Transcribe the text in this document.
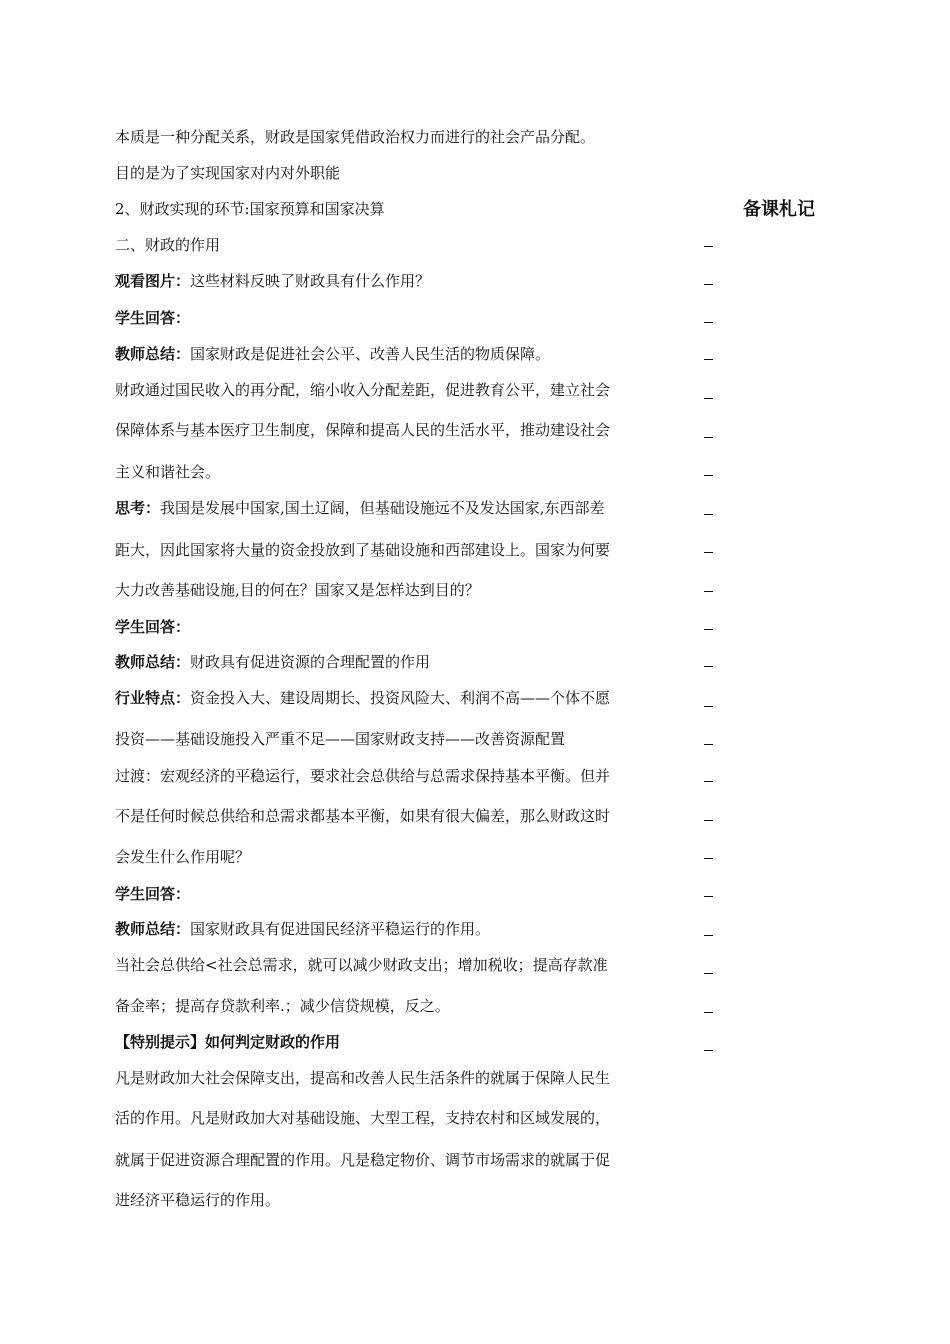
备课札记
本质是一种分配关系，财政是国家凭借政治权力而进行的社会产品分配。
目的是为了实现国家对内对外职能
2、财政实现的环节:国家预算和国家决算
二、财政的作用
观看图片：这些材料反映了财政具有什么作用？
学生回答：
教师总结：国家财政是促进社会公平、改善人民生活的物质保障。
财政通过国民收入的再分配，缩小收入分配差距，促进教育公平，建立社会
保障体系与基本医疗卫生制度，保障和提高人民的生活水平，推动建设社会
主义和谐社会。
思考：我国是发展中国家,国土辽阔，但基础设施远不及发达国家,东西部差
距大，因此国家将大量的资金投放到了基础设施和西部建设上。国家为何要
大力改善基础设施,目的何在？国家又是怎样达到目的？
学生回答：
教师总结：财政具有促进资源的合理配置的作用
行业特点：资金投入大、建设周期长、投资风险大、利润不高——个体不愿
投资——基础设施投入严重不足——国家财政支持——改善资源配置
过渡：宏观经济的平稳运行，要求社会总供给与总需求保持基本平衡。但并
不是任何时候总供给和总需求都基本平衡，如果有很大偏差，那么财政这时
会发生什么作用呢？
学生回答：
教师总结：国家财政具有促进国民经济平稳运行的作用。
当社会总供给<社会总需求，就可以减少财政支出；增加税收；提高存款准
备金率；提高存贷款利率.；减少信贷规模，反之。
【特别提示】如何判定财政的作用
凡是财政加大社会保障支出，提高和改善人民生活条件的就属于保障人民生
活的作用。凡是财政加大对基础设施、大型工程，支持农村和区域发展的，
就属于促进资源合理配置的作用。凡是稳定物价、调节市场需求的就属于促
进经济平稳运行的作用。
